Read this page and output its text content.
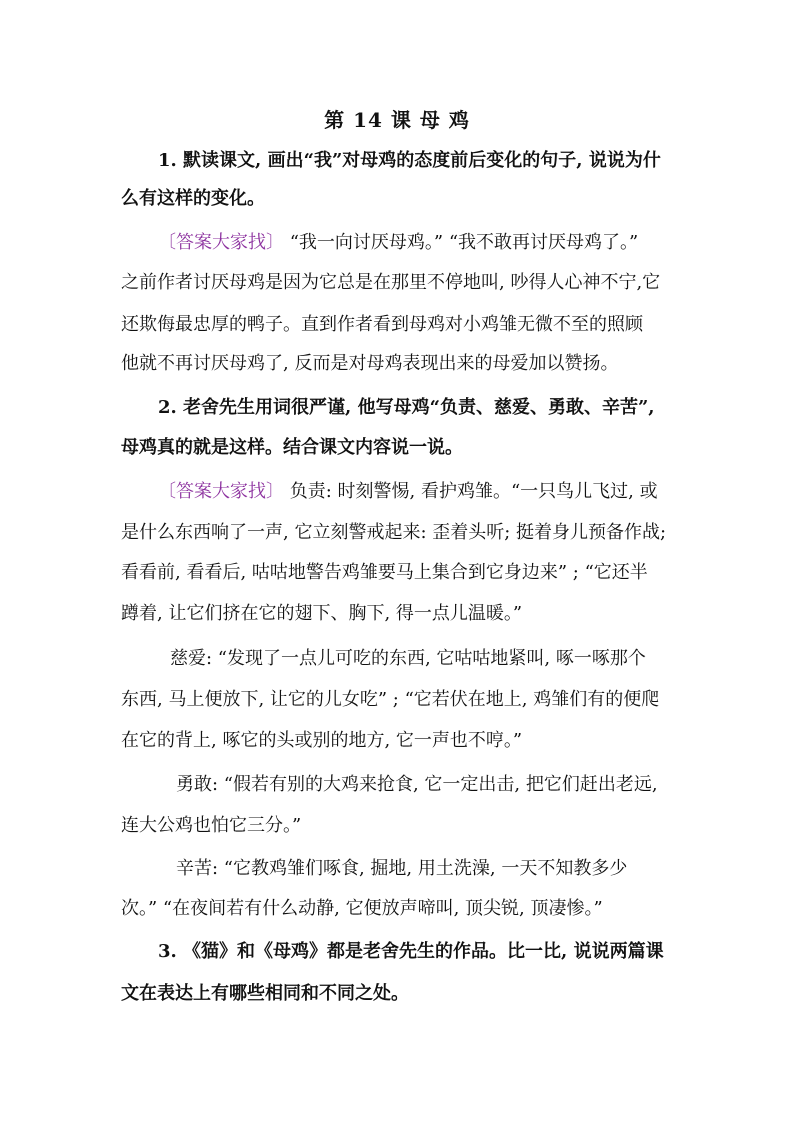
第 14 课 母 鸡
1. 默读课文, 画出“我”对母鸡的态度前后变化的句子, 说说为什
么有这样的变化。
〔答案大家找〕 “我一向讨厌母鸡。” “我不敢再讨厌母鸡了。”
之前作者讨厌母鸡是因为它总是在那里不停地叫, 吵得人心神不宁,它
还欺侮最忠厚的鸭子。直到作者看到母鸡对小鸡雏无微不至的照顾
他就不再讨厌母鸡了, 反而是对母鸡表现出来的母爱加以赞扬。
2. 老舍先生用词很严谨, 他写母鸡“负责、慈爱、勇敢、辛苦”,
母鸡真的就是这样。结合课文内容说一说。
〔答案大家找〕 负责: 时刻警惕, 看护鸡雏。“一只鸟儿飞过, 或
是什么东西响了一声, 它立刻警戒起来: 歪着头听; 挺着身儿预备作战;
看看前, 看看后, 咕咕地警告鸡雏要马上集合到它身边来” ; “它还半
蹲着, 让它们挤在它的翅下、胸下, 得一点儿温暖。”
慈爱: “发现了一点儿可吃的东西, 它咕咕地紧叫, 啄一啄那个
东西, 马上便放下, 让它的儿女吃” ; “它若伏在地上, 鸡雏们有的便爬
在它的背上, 啄它的头或别的地方, 它一声也不哼。”
勇敢: “假若有别的大鸡来抢食, 它一定出击, 把它们赶出老远,
连大公鸡也怕它三分。”
辛苦: “它教鸡雏们啄食, 掘地, 用土洗澡, 一天不知教多少
次。” “在夜间若有什么动静, 它便放声啼叫, 顶尖锐, 顶凄惨。”
3. 《猫》和《母鸡》都是老舍先生的作品。比一比, 说说两篇课
文在表达上有哪些相同和不同之处。
